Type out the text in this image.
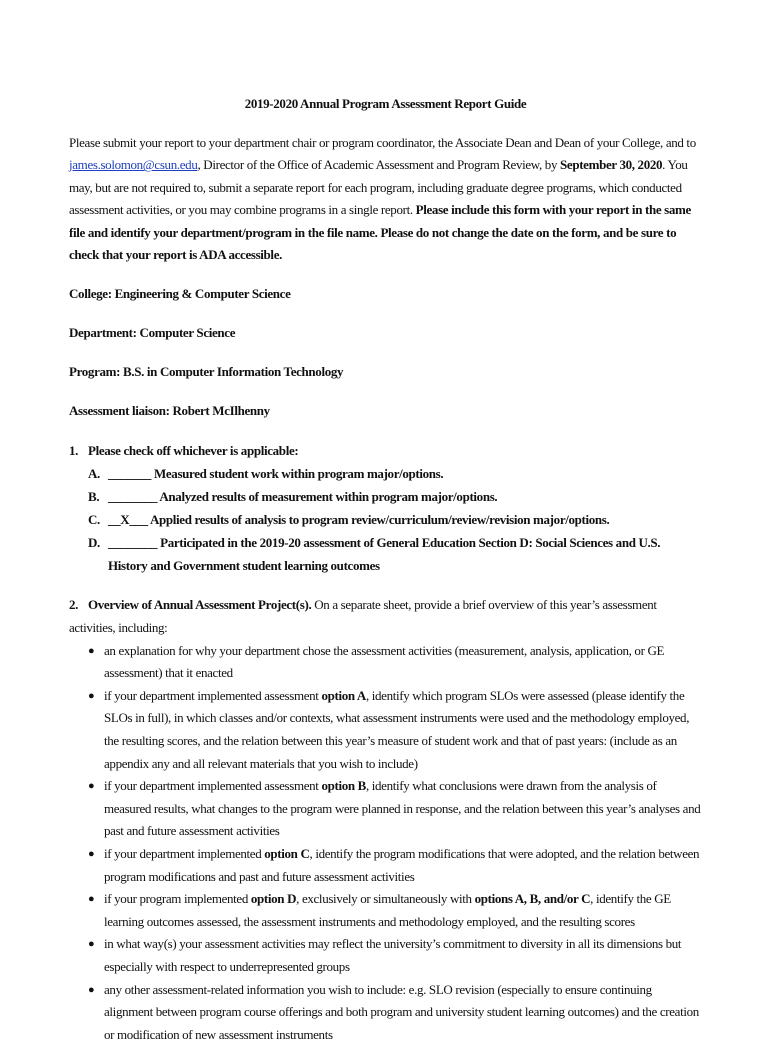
2019-2020 Annual Program Assessment Report Guide

Please submit your report to your department chair or program coordinator, the Associate Dean and Dean of your College, and to james.solomon@csun.edu, Director of the Office of Academic Assessment and Program Review, by September 30, 2020. You may, but are not required to, submit a separate report for each program, including graduate degree programs, which conducted assessment activities, or you may combine programs in a single report. Please include this form with your report in the same file and identify your department/program in the file name. Please do not change the date on the form, and be sure to check that your report is ADA accessible.

College: Engineering & Computer Science
Department: Computer Science
Program: B.S. in Computer Information Technology
Assessment liaison: Robert McIlhenny
1. Please check off whichever is applicable:
A. _______ Measured student work within program major/options.
B. ________ Analyzed results of measurement within program major/options.
C. __X___ Applied results of analysis to program review/curriculum/review/revision major/options.
D. ________ Participated in the 2019-20 assessment of General Education Section D: Social Sciences and U.S. History and Government student learning outcomes
2. Overview of Annual Assessment Project(s). On a separate sheet, provide a brief overview of this year’s assessment activities, including:
● an explanation for why your department chose the assessment activities (measurement, analysis, application, or GE assessment) that it enacted
● if your department implemented assessment option A, identify which program SLOs were assessed (please identify the SLOs in full), in which classes and/or contexts, what assessment instruments were used and the methodology employed, the resulting scores, and the relation between this year’s measure of student work and that of past years: (include as an appendix any and all relevant materials that you wish to include)
● if your department implemented assessment option B, identify what conclusions were drawn from the analysis of measured results, what changes to the program were planned in response, and the relation between this year’s analyses and past and future assessment activities
● if your department implemented option C, identify the program modifications that were adopted, and the relation between program modifications and past and future assessment activities
● if your program implemented option D, exclusively or simultaneously with options A, B, and/or C, identify the GE learning outcomes assessed, the assessment instruments and methodology employed, and the resulting scores
● in what way(s) your assessment activities may reflect the university’s commitment to diversity in all its dimensions but especially with respect to underrepresented groups
● any other assessment-related information you wish to include: e.g. SLO revision (especially to ensure continuing alignment between program course offerings and both program and university student learning outcomes) and the creation or modification of new assessment instruments
